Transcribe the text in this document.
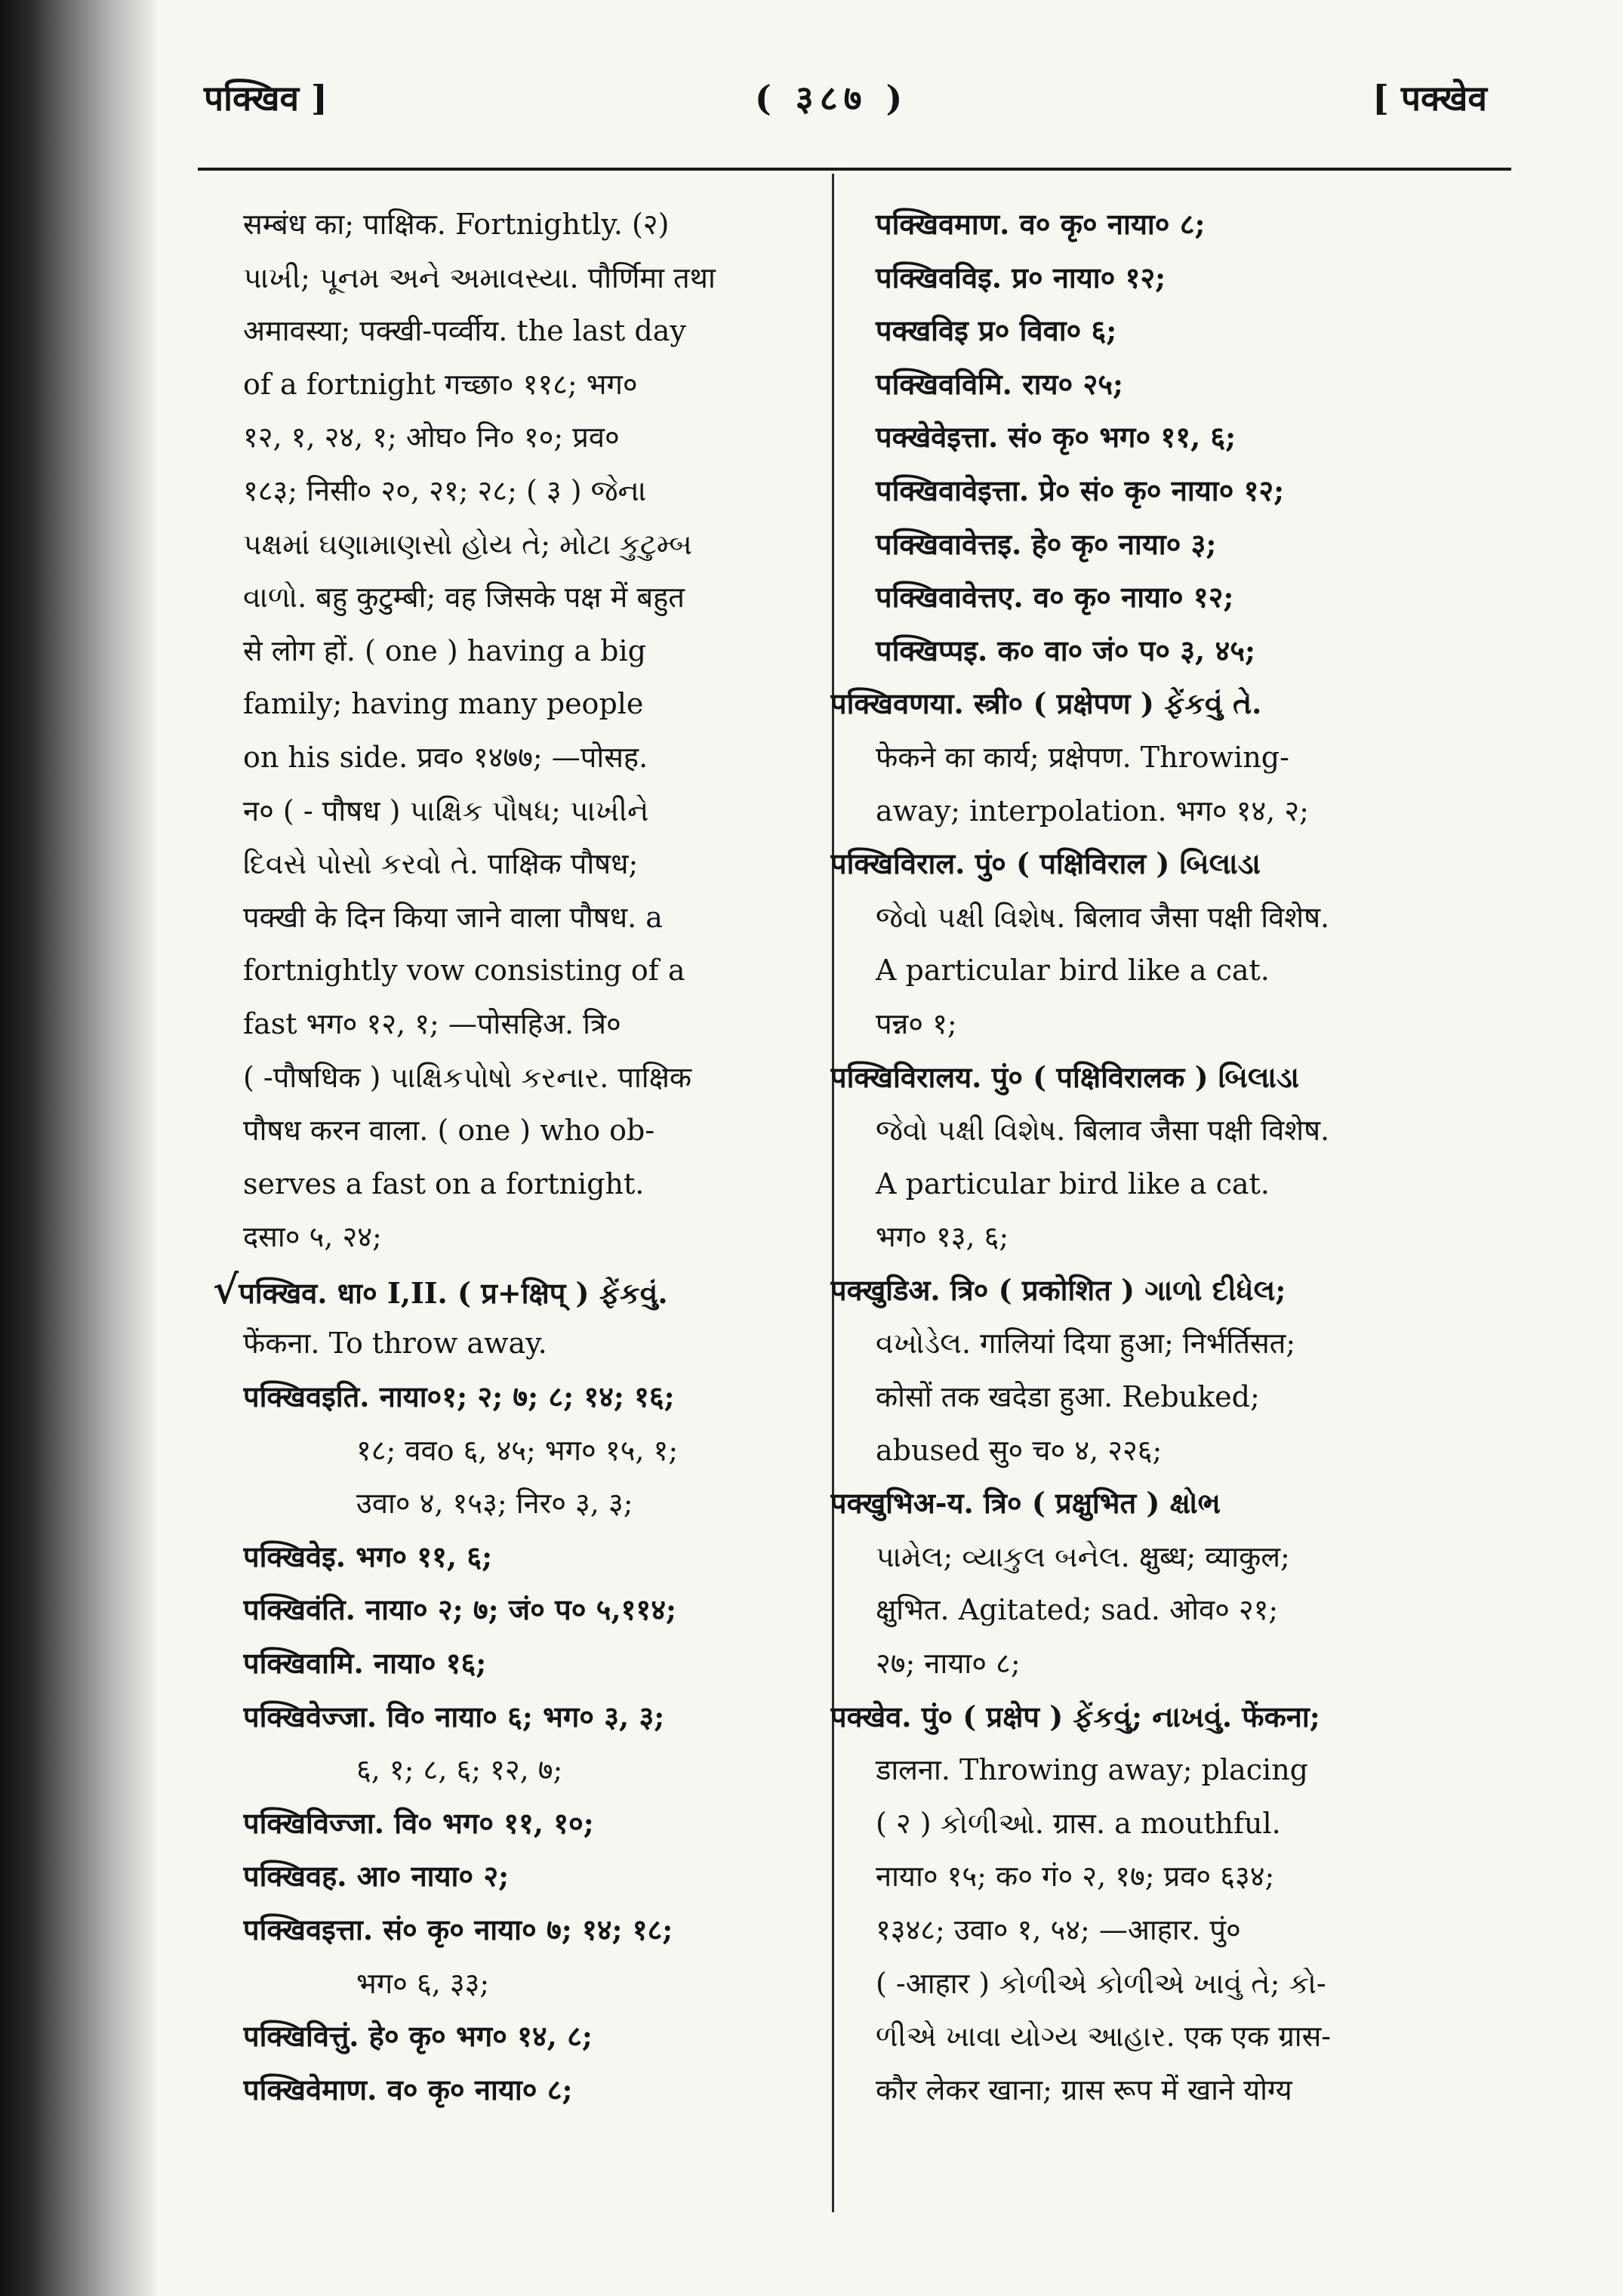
पक्खिव ]	( ३८७ )	[ पक्खेव
सम्बंध का; पाक्षिक. Fortnightly. (२)
પાખી; પૂનમ અને અમાવસ્યા. पौर्णिमा तथा
अमावस्या; पक्खी-पर्व्वीय. the last day
of a fortnight गच्छा० ११८; भग०
१२, १, २४, १; ओघ० नि० १०; प्रव०
१८३; निसी० २०, २१; २८; ( ३ ) જેના
પક્ષમાં ઘણામાણસો હોય તે; મોટા કુટુમ્બ
વાળો. बहु कुटुम्बी; वह जिसके पक्ष में बहुत
से लोग हों. ( one ) having a big
family; having many people
on his side. प्रव० १४७७; —पोसह.
न० ( - पौषध ) પાક્ષિક પૌષધ; પાખીને
દિવસે પોસો કરવો તે. पाक्षिक पौषध;
पक्खी के दिन किया जाने वाला पौषध. a
fortnightly vow consisting of a
fast भग० १२, १; —पोसहिअ. त्रि०
( -पौषधिक ) પાક્ષિકપોષો કરનાર. पाक्षिक
पौषध करन वाला. ( one ) who ob-
serves a fast on a fortnight.
दसा० ५, २४;
√पक्खिव. धा० I,II. ( प्र+क्षिप् ) ફેંકવું.
फेंकना. To throw away.
पक्खिवइति. नाया०१; २; ७; ८; १४; १६;
१८; ववo ६, ४५; भग० १५, १;
उवा० ४, १५३; निर० ३, ३;
पक्खिवेइ. भग० ११, ६;
पक्खिवंति. नाया० २; ७; जं० प० ५,११४;
पक्खिवामि. नाया० १६;
पक्खिवेज्जा. वि० नाया० ६; भग० ३, ३;
६, १; ८, ६; १२, ७;
पक्खिविज्जा. वि० भग० ११, १०;
पक्खिवह. आ० नाया० २;
पक्खिवइत्ता. सं० कृ० नाया० ७; १४; १८;
भग० ६, ३३;
पक्खिवित्तुं. हे० कृ० भग० १४, ८;
पक्खिवेमाण. व० कृ० नाया० ८;
पक्खिवमाण. व० कृ० नाया० ८;
पक्खिवविइ. प्र० नाया० १२;
पक्खविइ प्र० विवा० ६;
पक्खिवविमि. राय० २५;
पक्खेवेइत्ता. सं० कृ० भग० ११, ६;
पक्खिवावेइत्ता. प्रे० सं० कृ० नाया० १२;
पक्खिवावेत्तइ. हे० कृ० नाया० ३;
पक्खिवावेत्तए. व० कृ० नाया० १२;
पक्खिप्पइ. क० वा० जं० प० ३, ४५;
पक्खिवणया. स्त्री० ( प्रक्षेपण ) ફેંકવું તે.
फेकने का कार्य; प्रक्षेपण. Throwing-
away; interpolation. भग० १४, २;
पक्खिविराल. पुं० ( पक्षिविराल ) બિલાડા
જેવો પક્ષી વિશેષ. बिलाव जैसा पक्षी विशेष.
A particular bird like a cat.
पन्न० १;
पक्खिविरालय. पुं० ( पक्षिविरालक ) બિલાડા
જેવો પક્ષી વિશેષ. बिलाव जैसा पक्षी विशेष.
A particular bird like a cat.
भग० १३, ६;
पक्खुडिअ. त्रि० ( प्रकोशित ) ગાળો દીધેલ;
વખોડેલ. गालियां दिया हुआ; निर्भर्तिसत;
कोसों तक खदेडा हुआ. Rebuked;
abused सु० च० ४, २२६;
पक्खुभिअ-य. त्रि० ( प्रक्षुभित ) ક્ષોભ
પામેલ; વ્યાકુલ બનેલ. क्षुब्ध; व्याकुल;
क्षुभित. Agitated; sad. ओव० २१;
२७; नाया० ८;
पक्खेव. पुं० ( प्रक्षेप ) ફેંકવું; નાખવું. फेंकना;
डालना. Throwing away; placing
( २ ) કોળીઓ. ग्रास. a mouthful.
नाया० १५; क० गं० २, १७; प्रव० ६३४;
१३४८; उवा० १, ५४; —आहार. पुं०
( -आहार ) કોળીએ કોળીએ ખાવું તે; કો-
ળીએ ખાવા યોગ્ય આહાર. एक एक ग्रास-
कौर लेकर खाना; ग्रास रूप में खाने योग्य
